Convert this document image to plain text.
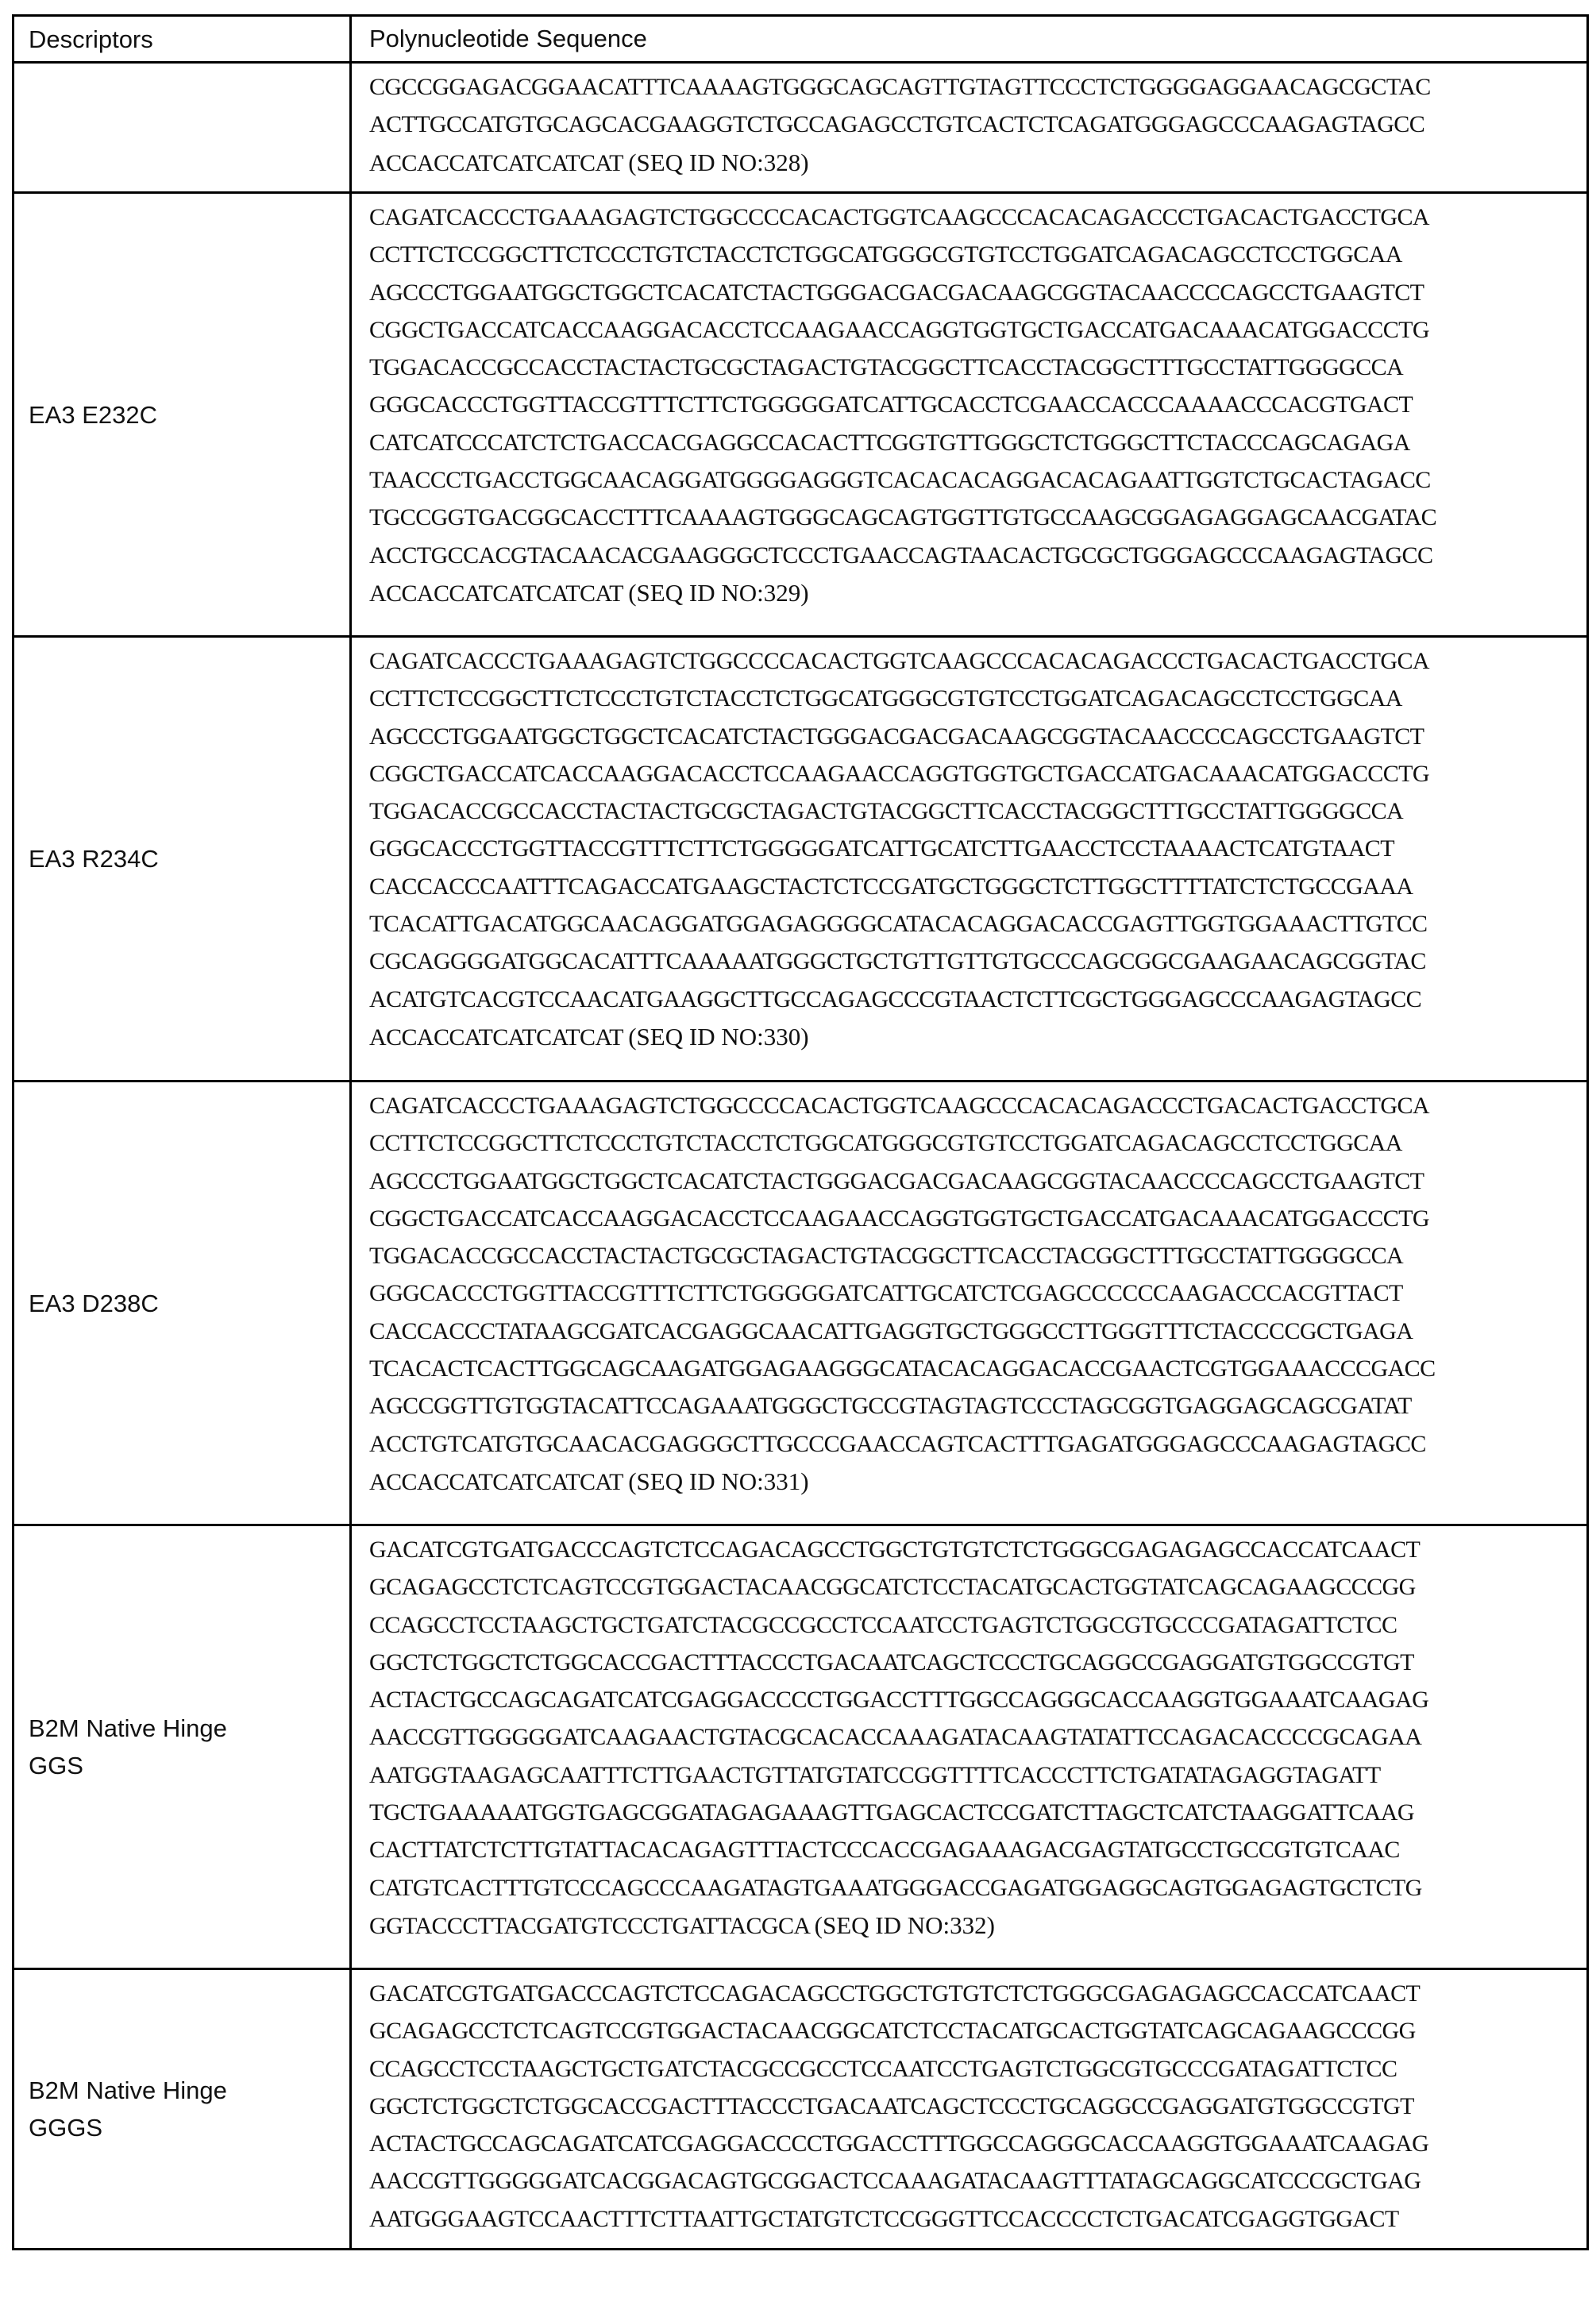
Descriptors	Polynucleotide Sequence

CGCCGGAGACGGAACATTTCAAAAGTGGGCAGCAGTTGTAGTTCCCTCTGGGGAGGAACAGCGCTAC
ACTTGCCATGTGCAGCACGAAGGTCTGCCAGAGCCTGTCACTCTCAGATGGGAGCCCAAGAGTAGCC
ACCACCATCATCATCAT (SEQ ID NO:328)

EA3 E232C

CAGATCACCCTGAAAGAGTCTGGCCCCACACTGGTCAAGCCCACACAGACCCTGACACTGACCTGCA
CCTTCTCCGGCTTCTCCCTGTCTACCTCTGGCATGGGCGTGTCCTGGATCAGACAGCCTCCTGGCAA
AGCCCTGGAATGGCTGGCTCACATCTACTGGGACGACGACAAGCGGTACAACCCCAGCCTGAAGTCT
CGGCTGACCATCACCAAGGACACCTCCAAGAACCAGGTGGTGCTGACCATGACAAACATGGACCCTG
TGGACACCGCCACCTACTACTGCGCTAGACTGTACGGCTTCACCTACGGCTTTGCCTATTGGGGCCA
GGGCACCCTGGTTACCGTTTCTTCTGGGGGATCATTGCACCTCGAACCACCCAAAACCCACGTGACT
CATCATCCCATCTCTGACCACGAGGCCACACTTCGGTGTTGGGCTCTGGGCTTCTACCCAGCAGAGA
TAACCCTGACCTGGCAACAGGATGGGGAGGGTCACACACAGGACACAGAATTGGTCTGCACTAGACC
TGCCGGTGACGGCACCTTTCAAAAGTGGGCAGCAGTGGTTGTGCCAAGCGGAGAGGAGCAACGATAC
ACCTGCCACGTACAACACGAAGGGCTCCCTGAACCAGTAACACTGCGCTGGGAGCCCAAGAGTAGCC
ACCACCATCATCATCAT (SEQ ID NO:329)

EA3 R234C

CAGATCACCCTGAAAGAGTCTGGCCCCACACTGGTCAAGCCCACACAGACCCTGACACTGACCTGCA
CCTTCTCCGGCTTCTCCCTGTCTACCTCTGGCATGGGCGTGTCCTGGATCAGACAGCCTCCTGGCAA
AGCCCTGGAATGGCTGGCTCACATCTACTGGGACGACGACAAGCGGTACAACCCCAGCCTGAAGTCT
CGGCTGACCATCACCAAGGACACCTCCAAGAACCAGGTGGTGCTGACCATGACAAACATGGACCCTG
TGGACACCGCCACCTACTACTGCGCTAGACTGTACGGCTTCACCTACGGCTTTGCCTATTGGGGCCA
GGGCACCCTGGTTACCGTTTCTTCTGGGGGATCATTGCATCTTGAACCTCCTAAAACTCATGTAACT
CACCACCCAATTTCAGACCATGAAGCTACTCTCCGATGCTGGGCTCTTGGCTTTTATCTCTGCCGAAA
TCACATTGACATGGCAACAGGATGGAGAGGGGCATACACAGGACACCGAGTTGGTGGAAACTTGTCC
CGCAGGGGATGGCACATTTCAAAAATGGGCTGCTGTTGTTGTGCCCAGCGGCGAAGAACAGCGGTAC
ACATGTCACGTCCAACATGAAGGCTTGCCAGAGCCCGTAACTCTTCGCTGGGAGCCCAAGAGTAGCC
ACCACCATCATCATCAT (SEQ ID NO:330)

EA3 D238C

CAGATCACCCTGAAAGAGTCTGGCCCCACACTGGTCAAGCCCACACAGACCCTGACACTGACCTGCA
CCTTCTCCGGCTTCTCCCTGTCTACCTCTGGCATGGGCGTGTCCTGGATCAGACAGCCTCCTGGCAA
AGCCCTGGAATGGCTGGCTCACATCTACTGGGACGACGACAAGCGGTACAACCCCAGCCTGAAGTCT
CGGCTGACCATCACCAAGGACACCTCCAAGAACCAGGTGGTGCTGACCATGACAAACATGGACCCTG
TGGACACCGCCACCTACTACTGCGCTAGACTGTACGGCTTCACCTACGGCTTTGCCTATTGGGGCCA
GGGCACCCTGGTTACCGTTTCTTCTGGGGGATCATTGCATCTCGAGCCCCCCAAGACCCACGTTACT
CACCACCCTATAAGCGATCACGAGGCAACATTGAGGTGCTGGGCCTTGGGTTTCTACCCCGCTGAGA
TCACACTCACTTGGCAGCAAGATGGAGAAGGGCATACACAGGACACCGAACTCGTGGAAACCCGACC
AGCCGGTTGTGGTACATTCCAGAAATGGGCTGCCGTAGTAGTCCCTAGCGGTGAGGAGCAGCGATAT
ACCTGTCATGTGCAACACGAGGGCTTGCCCGAACCAGTCACTTTGAGATGGGAGCCCAAGAGTAGCC
ACCACCATCATCATCAT (SEQ ID NO:331)

B2M Native Hinge GGS

GACATCGTGATGACCCAGTCTCCAGACAGCCTGGCTGTGTCTCTGGGCGAGAGAGCCACCATCAACT
GCAGAGCCTCTCAGTCCGTGGACTACAACGGCATCTCCTACATGCACTGGTATCAGCAGAAGCCCGG
CCAGCCTCCTAAGCTGCTGATCTACGCCGCCTCCAATCCTGAGTCTGGCGTGCCCGATAGATTCTCC
GGCTCTGGCTCTGGCACCGACTTTACCCTGACAATCAGCTCCCTGCAGGCCGAGGATGTGGCCGTGT
ACTACTGCCAGCAGATCATCGAGGACCCCTGGACCTTTGGCCAGGGCACCAAGGTGGAAATCAAGAG
AACCGTTGGGGGATCAAGAACTGTACGCACACCAAAGATACAAGTATATTCCAGACACCCCGCAGAA
AATGGTAAGAGCAATTTCTTGAACTGTTATGTATCCGGTTTTCACCCTTCTGATATAGAGGTAGATT
TGCTGAAAAATGGTGAGCGGATAGAGAAAGTTGAGCACTCCGATCTTAGCTCATCTAAGGATTCAAG
CACTTATCTCTTGTATTACACAGAGTTTACTCCCACCGAGAAAGACGAGTATGCCTGCCGTGTCAAC
CATGTCACTTTGTCCCAGCCCAAGATAGTGAAATGGGACCGAGATGGAGGCAGTGGAGAGTGCTCTG
GGTACCCTTACGATGTCCCTGATTACGCA (SEQ ID NO:332)

B2M Native Hinge GGGS

GACATCGTGATGACCCAGTCTCCAGACAGCCTGGCTGTGTCTCTGGGCGAGAGAGCCACCATCAACT
GCAGAGCCTCTCAGTCCGTGGACTACAACGGCATCTCCTACATGCACTGGTATCAGCAGAAGCCCGG
CCAGCCTCCTAAGCTGCTGATCTACGCCGCCTCCAATCCTGAGTCTGGCGTGCCCGATAGATTCTCC
GGCTCTGGCTCTGGCACCGACTTTACCCTGACAATCAGCTCCCTGCAGGCCGAGGATGTGGCCGTGT
ACTACTGCCAGCAGATCATCGAGGACCCCTGGACCTTTGGCCAGGGCACCAAGGTGGAAATCAAGAG
AACCGTTGGGGGATCACGGACAGTGCGGACTCCAAAGATACAAGTTTATAGCAGGCATCCCGCTGAG
AATGGGAAGTCCAACTTTCTTAATTGCTATGTCTCCGGGTTCCACCCCTCTGACATCGAGGTGGACT
